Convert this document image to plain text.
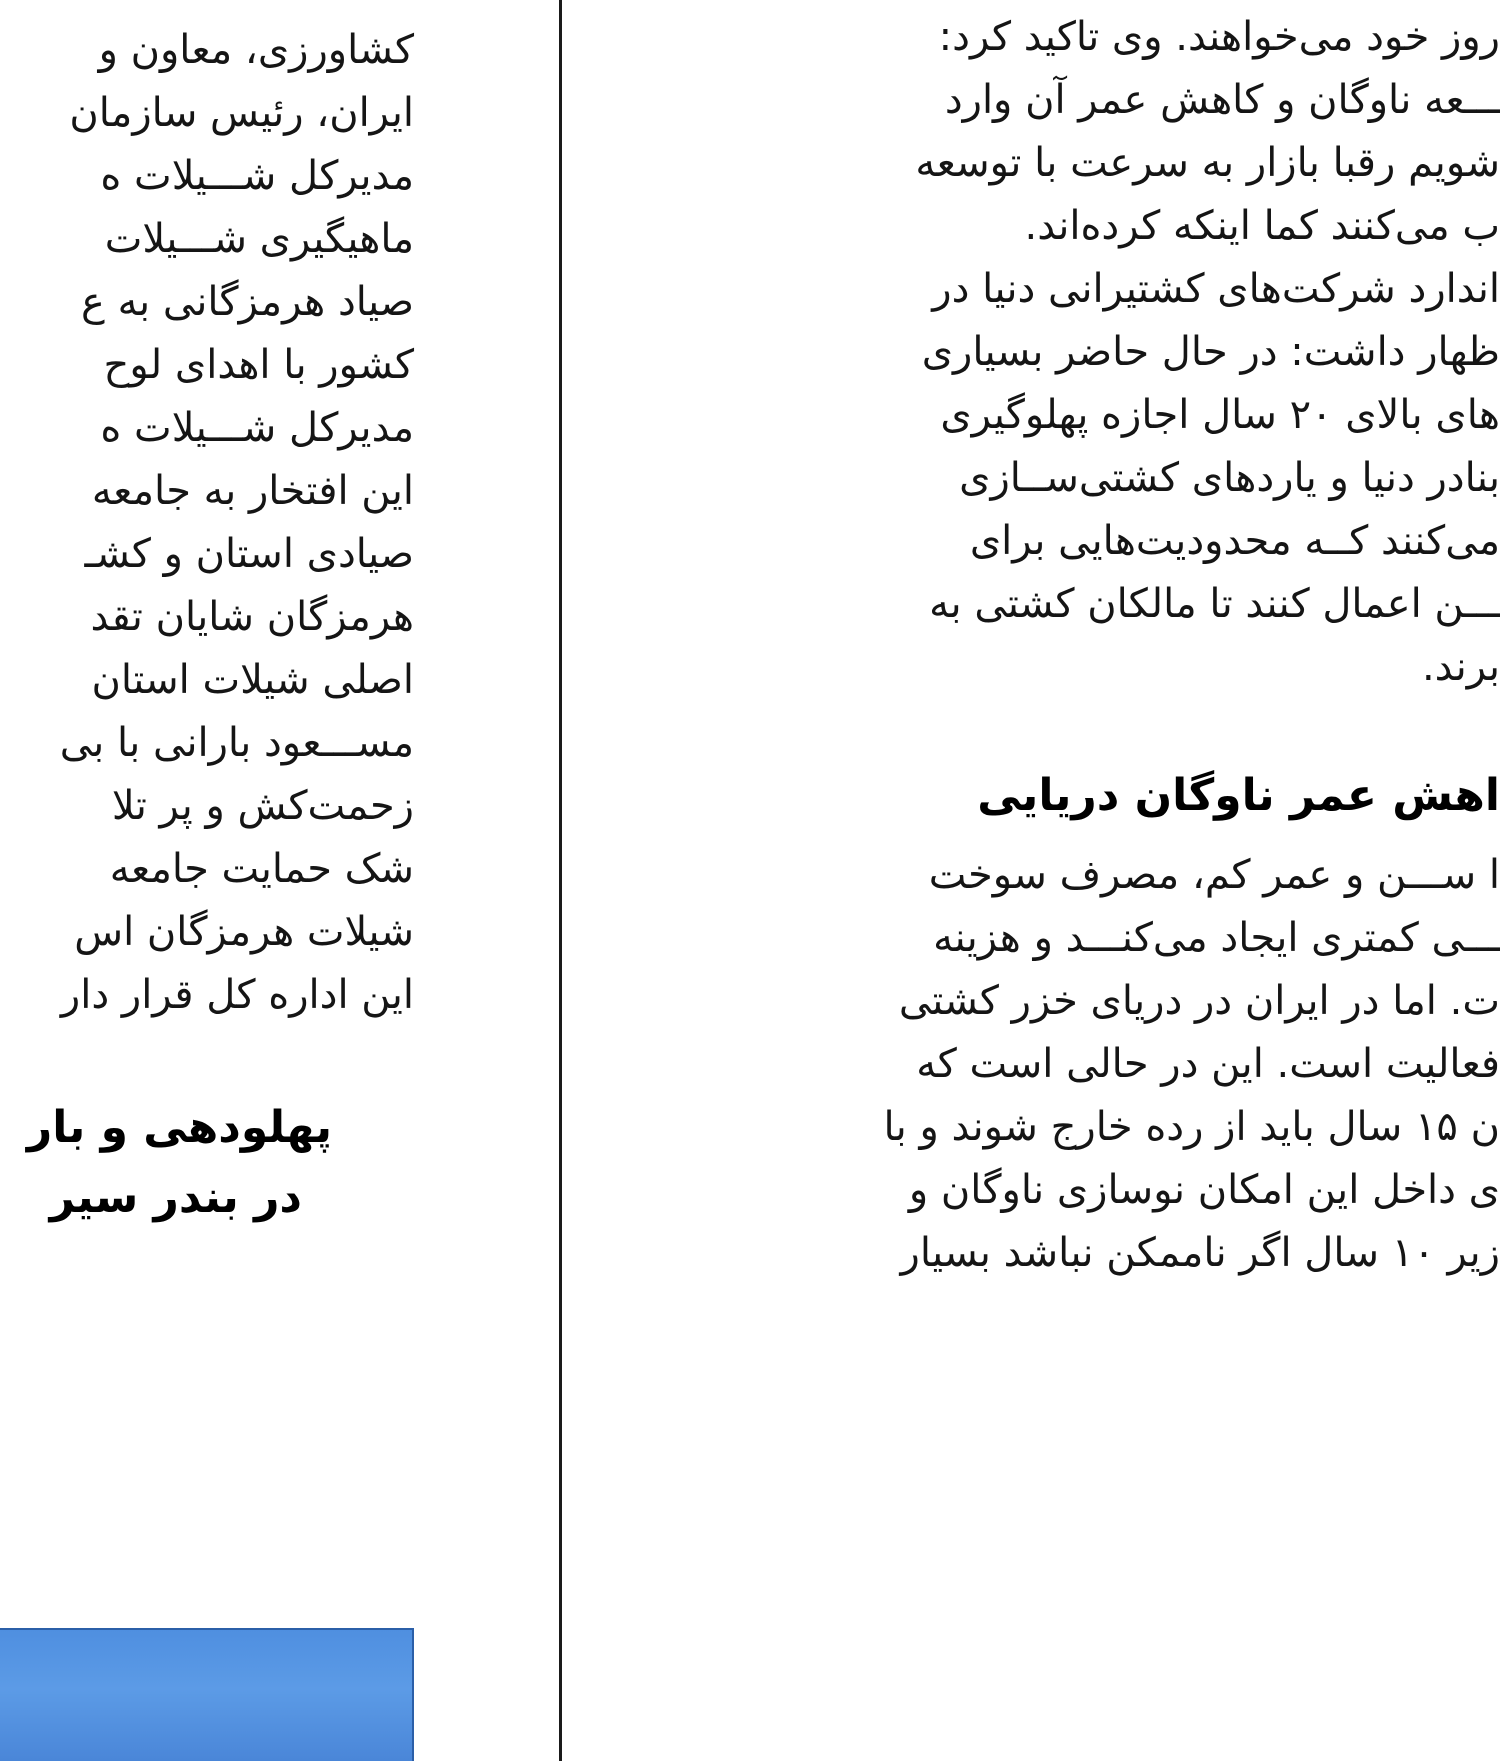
روز خود می‌خواهند. وی تاکید کرد:
ـــعه ناوگان و کاهش عمر آن وارد
شویم رقبا بازار به سرعت با توسعه
ب می‌کنند کما اینکه کرده‌اند.
اندارد شرکت‌های کشتیرانی دنیا در
ظهار داشت: در حال حاضر بسیاری
های بالای ۲۰ سال اجازه پهلوگیری
بنادر دنیا و یاردهای کشتی‌ســازی
می‌کنند کــه محدودیت‌هایی برای
ـــن اعمال کنند تا مالکان کشتی به
برند.
اهش عمر ناوگان دریایی
ا ســـن و عمر کم، مصرف سوخت
ـــی کمتری ایجاد می‌کنـــد و هزینه
ت. اما در ایران در دریای خزر کشتی
فعالیت است. این در حالی است که
ن ۱۵ سال باید از رده خارج شوند و با
ی داخل این امکان نوسازی ناوگان و
زیر ۱۰ سال اگر ناممکن نباشد بسیار
کشاورزی، معاون و
ایران، رئیس سازمان
مدیرکل شـــیلات ه
ماهیگیری شـــیلات
صیاد هرمزگانی به ع
کشور با اهدای لوح
مدیرکل شـــیلات ه
این افتخار به جامعه
صیادی استان و کشـ
هرمزگان شایان تقد
اصلی شیلات استان
مســـعود بارانی با بی
زحمت‌کش و پر تلا
شک حمایت جامعه
شیلات هرمزگان اس
این اداره کل قرار دار
پهلودهی و بار
در بندر سیر
